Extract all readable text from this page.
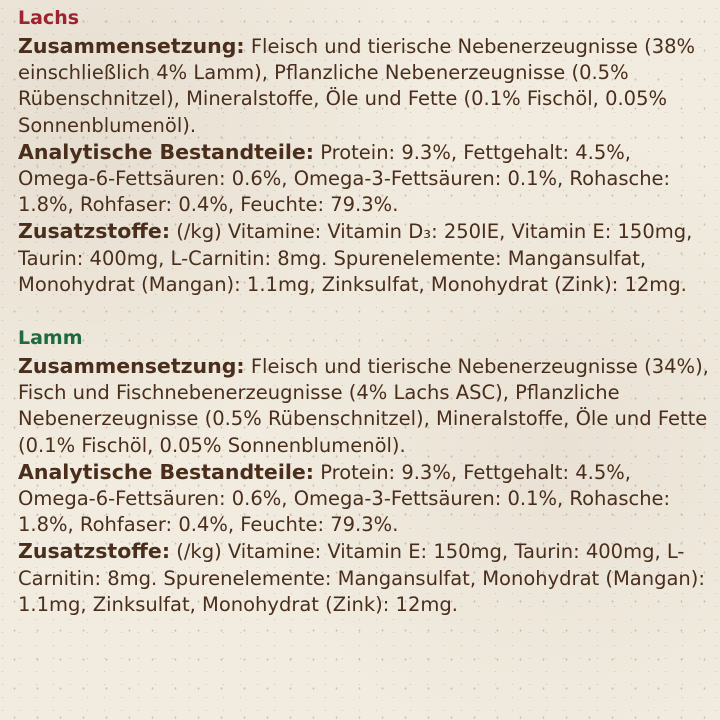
Lachs

Zusammensetzung: Fleisch und tierische Nebenerzeugnisse (38% einschließlich 4% Lamm), Pflanzliche Nebenerzeugnisse (0.5% Rübenschnitzel), Mineralstoffe, Öle und Fette (0.1% Fischöl, 0.05% Sonnenblumenöl).

Analytische Bestandteile: Protein: 9.3%, Fettgehalt: 4.5%, Omega-6-Fettsäuren: 0.6%, Omega-3-Fettsäuren: 0.1%, Rohasche: 1.8%, Rohfaser: 0.4%, Feuchte: 79.3%.

Zusatzstoffe: (/kg) Vitamine: Vitamin D₃: 250IE, Vitamin E: 150mg, Taurin: 400mg, L-Carnitin: 8mg. Spurenelemente: Mangansulfat, Monohydrat (Mangan): 1.1mg, Zinksulfat, Monohydrat (Zink): 12mg.

Lamm

Zusammensetzung: Fleisch und tierische Nebenerzeugnisse (34%), Fisch und Fischnebenerzeugnisse (4% Lachs ASC), Pflanzliche Nebenerzeugnisse (0.5% Rübenschnitzel), Mineralstoffe, Öle und Fette (0.1% Fischöl, 0.05% Sonnenblumenöl).

Analytische Bestandteile: Protein: 9.3%, Fettgehalt: 4.5%, Omega-6-Fettsäuren: 0.6%, Omega-3-Fettsäuren: 0.1%, Rohasche: 1.8%, Rohfaser: 0.4%, Feuchte: 79.3%.

Zusatzstoffe: (/kg) Vitamine: Vitamin E: 150mg, Taurin: 400mg, L-Carnitin: 8mg. Spurenelemente: Mangansulfat, Monohydrat (Mangan): 1.1mg, Zinksulfat, Monohydrat (Zink): 12mg.
